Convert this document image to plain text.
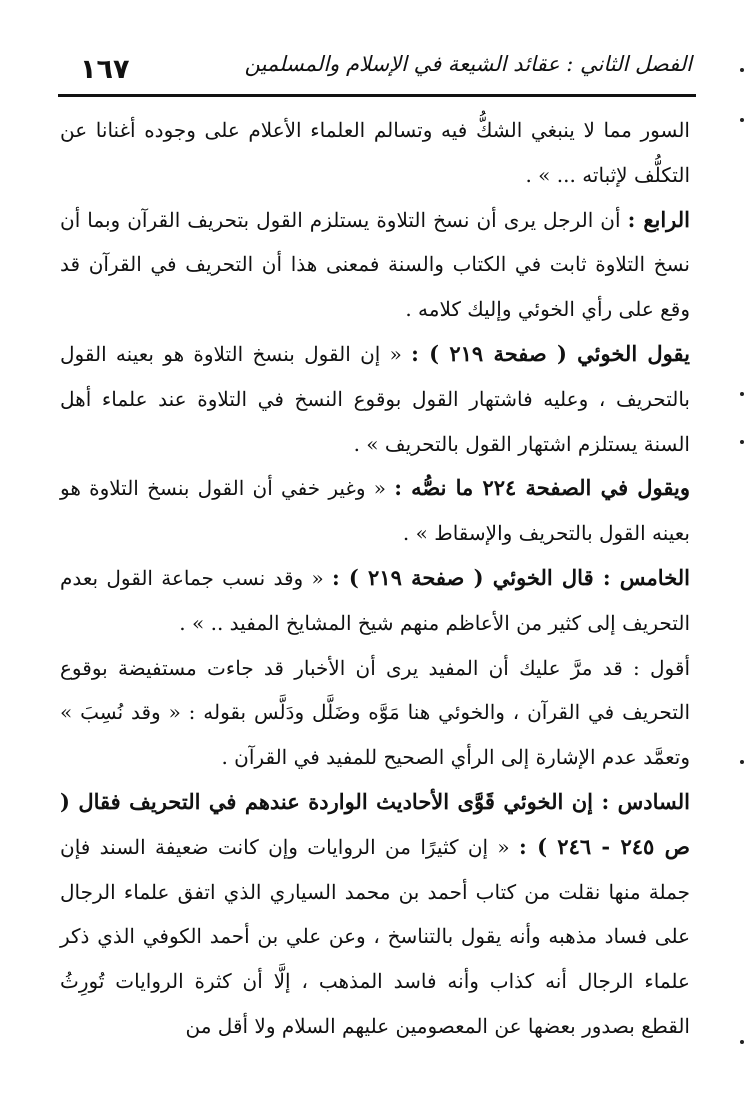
١٦٧	الفصل الثاني : عقائد الشيعة في الإسلام والمسلمين

السور مما لا ينبغي الشكُّ فيه وتسالم العلماء الأعلام على وجوده أغنانا عن التكلُّف لإثباته ... » .

الرابع : أن الرجل يرى أن نسخ التلاوة يستلزم القول بتحريف القرآن وبما أن نسخ التلاوة ثابت في الكتاب والسنة فمعنى هذا أن التحريف في القرآن قد وقع على رأي الخوئي وإليك كلامه .

يقول الخوئي ( صفحة ٢١٩ ) : « إن القول بنسخ التلاوة هو بعينه القول بالتحريف ، وعليه فاشتهار القول بوقوع النسخ في التلاوة عند علماء أهل السنة يستلزم اشتهار القول بالتحريف » .

ويقول في الصفحة ٢٢٤ ما نصُّه : « وغير خفي أن القول بنسخ التلاوة هو بعينه القول بالتحريف والإسقاط » .

الخامس : قال الخوئي ( صفحة ٢١٩ ) : « وقد نسب جماعة القول بعدم التحريف إلى كثير من الأعاظم منهم شيخ المشايخ المفيد .. » .

أقول : قد مرَّ عليك أن المفيد يرى أن الأخبار قد جاءت مستفيضة بوقوع التحريف في القرآن ، والخوئي هنا مَوَّه وضَلَّل ودَلَّس بقوله : « وقد نُسِبَ » وتعمَّد عدم الإشارة إلى الرأي الصحيح للمفيد في القرآن .

السادس : إن الخوئي قَوَّى الأحاديث الواردة عندهم في التحريف فقال ( ص ٢٤٥ - ٢٤٦ ) : « إن كثيرًا من الروايات وإن كانت ضعيفة السند فإن جملة منها نقلت من كتاب أحمد بن محمد السياري الذي اتفق علماء الرجال على فساد مذهبه وأنه يقول بالتناسخ ، وعن علي بن أحمد الكوفي الذي ذكر علماء الرجال أنه كذاب وأنه فاسد المذهب ، إلَّا أن كثرة الروايات تُورِثُ القطع بصدور بعضها عن المعصومين عليهم السلام ولا أقل من
